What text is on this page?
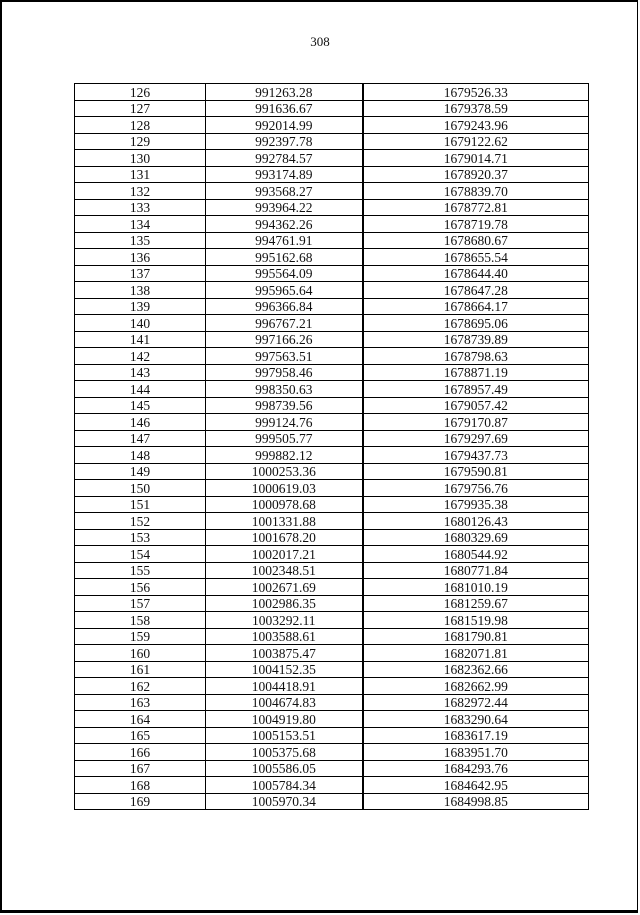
308
126	991263.28	1679526.33
127	991636.67	1679378.59
128	992014.99	1679243.96
129	992397.78	1679122.62
130	992784.57	1679014.71
131	993174.89	1678920.37
132	993568.27	1678839.70
133	993964.22	1678772.81
134	994362.26	1678719.78
135	994761.91	1678680.67
136	995162.68	1678655.54
137	995564.09	1678644.40
138	995965.64	1678647.28
139	996366.84	1678664.17
140	996767.21	1678695.06
141	997166.26	1678739.89
142	997563.51	1678798.63
143	997958.46	1678871.19
144	998350.63	1678957.49
145	998739.56	1679057.42
146	999124.76	1679170.87
147	999505.77	1679297.69
148	999882.12	1679437.73
149	1000253.36	1679590.81
150	1000619.03	1679756.76
151	1000978.68	1679935.38
152	1001331.88	1680126.43
153	1001678.20	1680329.69
154	1002017.21	1680544.92
155	1002348.51	1680771.84
156	1002671.69	1681010.19
157	1002986.35	1681259.67
158	1003292.11	1681519.98
159	1003588.61	1681790.81
160	1003875.47	1682071.81
161	1004152.35	1682362.66
162	1004418.91	1682662.99
163	1004674.83	1682972.44
164	1004919.80	1683290.64
165	1005153.51	1683617.19
166	1005375.68	1683951.70
167	1005586.05	1684293.76
168	1005784.34	1684642.95
169	1005970.34	1684998.85
